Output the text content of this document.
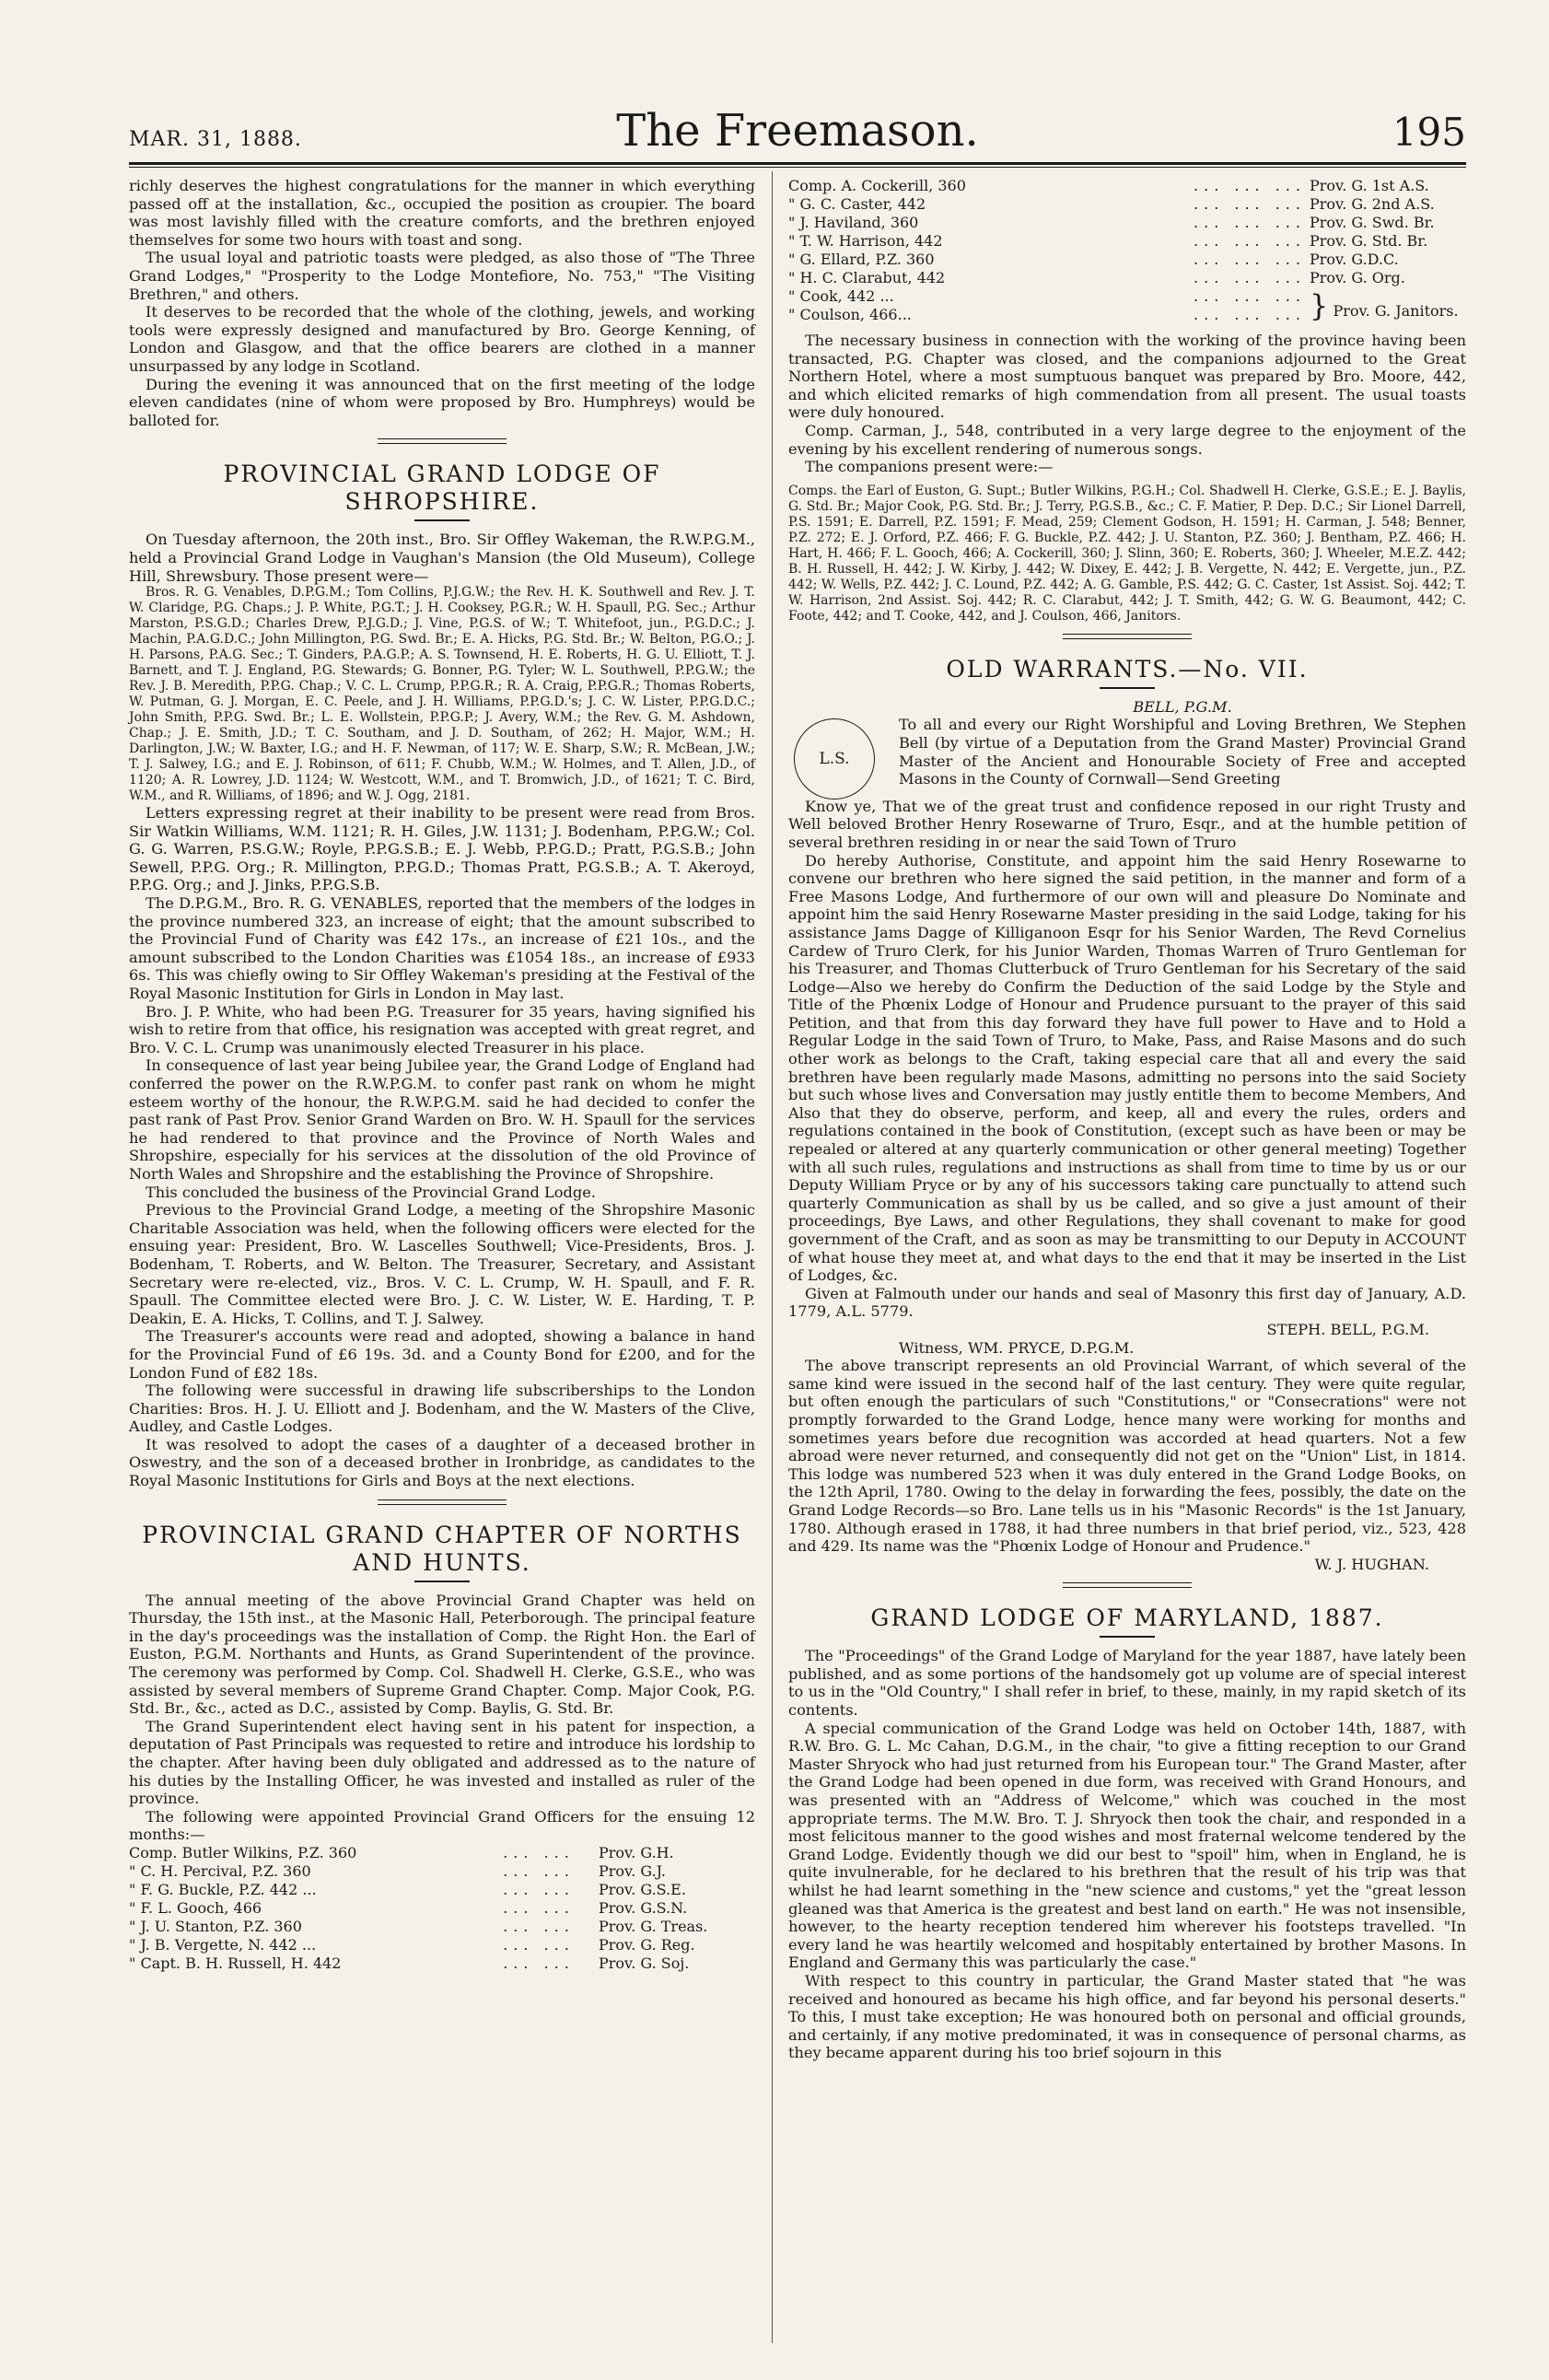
MAR. 31, 1888.	The Freemason.	195

richly deserves the highest congratulations for the manner in which everything passed off at the installation, &c., occupied the position as croupier. The board was most lavishly filled with the creature comforts, and the brethren enjoyed themselves for some two hours with toast and song.

The usual loyal and patriotic toasts were pledged, as also those of "The Three Grand Lodges," "Prosperity to the Lodge Montefiore, No. 753," "The Visiting Brethren," and others.

It deserves to be recorded that the whole of the clothing, jewels, and working tools were expressly designed and manufactured by Bro. George Kenning, of London and Glasgow, and that the office bearers are clothed in a manner unsurpassed by any lodge in Scotland.

During the evening it was announced that on the first meeting of the lodge eleven candidates (nine of whom were proposed by Bro. Humphreys) would be balloted for.

PROVINCIAL GRAND LODGE OF SHROPSHIRE.

On Tuesday afternoon, the 20th inst., Bro. Sir Offley Wakeman, the R.W.P.G.M., held a Provincial Grand Lodge in Vaughan's Mansion (the Old Museum), College Hill, Shrewsbury. Those present were—

Bros. R. G. Venables, D.P.G.M.; Tom Collins, P.J.G.W.; the Rev. H. K. Southwell and Rev. J. T. W. Claridge, P.G. Chaps.; J. P. White, P.G.T.; J. H. Cooksey, P.G.R.; W. H. Spaull, P.G. Sec.; Arthur Marston, P.S.G.D.; Charles Drew, P.J.G.D.; J. Vine, P.G.S. of W.; T. Whitefoot, jun., P.G.D.C.; J. Machin, P.A.G.D.C.; John Millington, P.G. Swd. Br.; E. A. Hicks, P.G. Std. Br.; W. Belton, P.G.O.; J. H. Parsons, P.A.G. Sec.; T. Ginders, P.A.G.P.; A. S. Townsend, H. E. Roberts, H. G. U. Elliott, T. J. Barnett, and T. J. England, P.G. Stewards; G. Bonner, P.G. Tyler; W. L. Southwell, P.P.G.W.; the Rev. J. B. Meredith, P.P.G. Chap.; V. C. L. Crump, P.P.G.R.; R. A. Craig, P.P.G.R.; Thomas Roberts, W. Putman, G. J. Morgan, E. C. Peele, and J. H. Williams, P.P.G.D.'s; J. C. W. Lister, P.P.G.D.C.; John Smith, P.P.G. Swd. Br.; L. E. Wollstein, P.P.G.P.; J. Avery, W.M.; the Rev. G. M. Ashdown, Chap.; J. E. Smith, J.D.; T. C. Southam, and J. D. Southam, of 262; H. Major, W.M.; H. Darlington, J.W.; W. Baxter, I.G.; and H. F. Newman, of 117; W. E. Sharp, S.W.; R. McBean, J.W.; T. J. Salwey, I.G.; and E. J. Robinson, of 611; F. Chubb, W.M.; W. Holmes, and T. Allen, J.D., of 1120; A. R. Lowrey, J.D. 1124; W. Westcott, W.M., and T. Bromwich, J.D., of 1621; T. C. Bird, W.M., and R. Williams, of 1896; and W. J. Ogg, 2181.

Letters expressing regret at their inability to be present were read from Bros. Sir Watkin Williams, W.M. 1121; R. H. Giles, J.W. 1131; J. Bodenham, P.P.G.W.; Col. G. G. Warren, P.S.G.W.; Royle, P.P.G.S.B.; E. J. Webb, P.P.G.D.; Pratt, P.G.S.B.; John Sewell, P.P.G. Org.; R. Millington, P.P.G.D.; Thomas Pratt, P.G.S.B.; A. T. Akeroyd, P.P.G. Org.; and J. Jinks, P.P.G.S.B.

The D.P.G.M., Bro. R. G. VENABLES, reported that the members of the lodges in the province numbered 323, an increase of eight; that the amount subscribed to the Provincial Fund of Charity was £42 17s., an increase of £21 10s., and the amount subscribed to the London Charities was £1054 18s., an increase of £933 6s. This was chiefly owing to Sir Offley Wakeman's presiding at the Festival of the Royal Masonic Institution for Girls in London in May last.

Bro. J. P. White, who had been P.G. Treasurer for 35 years, having signified his wish to retire from that office, his resignation was accepted with great regret, and Bro. V. C. L. Crump was unanimously elected Treasurer in his place.

In consequence of last year being Jubilee year, the Grand Lodge of England had conferred the power on the R.W.P.G.M. to confer past rank on whom he might esteem worthy of the honour, the R.W.P.G.M. said he had decided to confer the past rank of Past Prov. Senior Grand Warden on Bro. W. H. Spaull for the services he had rendered to that province and the Province of North Wales and Shropshire, especially for his services at the dissolution of the old Province of North Wales and Shropshire and the establishing the Province of Shropshire.

This concluded the business of the Provincial Grand Lodge.

Previous to the Provincial Grand Lodge, a meeting of the Shropshire Masonic Charitable Association was held, when the following officers were elected for the ensuing year: President, Bro. W. Lascelles Southwell; Vice-Presidents, Bros. J. Bodenham, T. Roberts, and W. Belton. The Treasurer, Secretary, and Assistant Secretary were re-elected, viz., Bros. V. C. L. Crump, W. H. Spaull, and F. R. Spaull. The Committee elected were Bro. J. C. W. Lister, W. E. Harding, T. P. Deakin, E. A. Hicks, T. Collins, and T. J. Salwey.

The Treasurer's accounts were read and adopted, showing a balance in hand for the Provincial Fund of £6 19s. 3d. and a County Bond for £200, and for the London Fund of £82 18s.

The following were successful in drawing life subscriberships to the London Charities: Bros. H. J. U. Elliott and J. Bodenham, and the W. Masters of the Clive, Audley, and Castle Lodges.

It was resolved to adopt the cases of a daughter of a deceased brother in Oswestry, and the son of a deceased brother in Ironbridge, as candidates to the Royal Masonic Institutions for Girls and Boys at the next elections.

PROVINCIAL GRAND CHAPTER OF NORTHS AND HUNTS.

The annual meeting of the above Provincial Grand Chapter was held on Thursday, the 15th inst., at the Masonic Hall, Peterborough. The principal feature in the day's proceedings was the installation of Comp. the Right Hon. the Earl of Euston, P.G.M. Northants and Hunts, as Grand Superintendent of the province. The ceremony was performed by Comp. Col. Shadwell H. Clerke, G.S.E., who was assisted by several members of Supreme Grand Chapter. Comp. Major Cook, P.G. Std. Br., &c., acted as D.C., assisted by Comp. Baylis, G. Std. Br.

The Grand Superintendent elect having sent in his patent for inspection, a deputation of Past Principals was requested to retire and introduce his lordship to the chapter. After having been duly obligated and addressed as to the nature of his duties by the Installing Officer, he was invested and installed as ruler of the province.

The following were appointed Provincial Grand Officers for the ensuing 12 months:—

Comp. Butler Wilkins, P.Z. 360	... ...	Prov. G.H.
" C. H. Percival, P.Z. 360	... ...	Prov. G.J.
" F. G. Buckle, P.Z. 442 ...	... ...	Prov. G.S.E.
" F. L. Gooch, 466	... ...	Prov. G.S.N.
" J. U. Stanton, P.Z. 360	... ...	Prov. G. Treas.
" J. B. Vergette, N. 442 ...	... ...	Prov. G. Reg.
" Capt. B. H. Russell, H. 442	... ...	Prov. G. Soj.
Comp. A. Cockerill, 360	... ... ...	Prov. G. 1st A.S.
" G. C. Caster, 442	... ... ...	Prov. G. 2nd A.S.
" J. Haviland, 360	... ... ...	Prov. G. Swd. Br.
" T. W. Harrison, 442	... ... ...	Prov. G. Std. Br.
" G. Ellard, P.Z. 360	... ... ...	Prov. G.D.C.
" H. C. Clarabut, 442	... ... ...	Prov. G. Org.
" Cook, 442 ...	... ... ...	} Prov. G. Janitors.
" Coulson, 466...	... ... ...	

The necessary business in connection with the working of the province having been transacted, P.G. Chapter was closed, and the companions adjourned to the Great Northern Hotel, where a most sumptuous banquet was prepared by Bro. Moore, 442, and which elicited remarks of high commendation from all present. The usual toasts were duly honoured.

Comp. Carman, J., 548, contributed in a very large degree to the enjoyment of the evening by his excellent rendering of numerous songs.

The companions present were:—

Comps. the Earl of Euston, G. Supt.; Butler Wilkins, P.G.H.; Col. Shadwell H. Clerke, G.S.E.; E. J. Baylis, G. Std. Br.; Major Cook, P.G. Std. Br.; J. Terry, P.G.S.B., &c.; C. F. Matier, P. Dep. D.C.; Sir Lionel Darrell, P.S. 1591; E. Darrell, P.Z. 1591; F. Mead, 259; Clement Godson, H. 1591; H. Carman, J. 548; Benner, P.Z. 272; E. J. Orford, P.Z. 466; F. G. Buckle, P.Z. 442; J. U. Stanton, P.Z. 360; J. Bentham, P.Z. 466; H. Hart, H. 466; F. L. Gooch, 466; A. Cockerill, 360; J. Slinn, 360; E. Roberts, 360; J. Wheeler, M.E.Z. 442; B. H. Russell, H. 442; J. W. Kirby, J. 442; W. Dixey, E. 442; J. B. Vergette, N. 442; E. Vergette, jun., P.Z. 442; W. Wells, P.Z. 442; J. C. Lound, P.Z. 442; A. G. Gamble, P.S. 442; G. C. Caster, 1st Assist. Soj. 442; T. W. Harrison, 2nd Assist. Soj. 442; R. C. Clarabut, 442; J. T. Smith, 442; G. W. G. Beaumont, 442; C. Foote, 442; and T. Cooke, 442, and J. Coulson, 466, Janitors.

OLD WARRANTS.—No. VII.
L.S.
BELL, P.G.M.

To all and every our Right Worshipful and Loving Brethren, We Stephen Bell (by virtue of a Deputation from the Grand Master) Provincial Grand Master of the Ancient and Honourable Society of Free and accepted Masons in the County of Cornwall—Send Greeting

Know ye, That we of the great trust and confidence reposed in our right Trusty and Well beloved Brother Henry Rosewarne of Truro, Esqr., and at the humble petition of several brethren residing in or near the said Town of Truro

Do hereby Authorise, Constitute, and appoint him the said Henry Rosewarne to convene our brethren who here signed the said petition, in the manner and form of a Free Masons Lodge, And furthermore of our own will and pleasure Do Nominate and appoint him the said Henry Rosewarne Master presiding in the said Lodge, taking for his assistance Jams Dagge of Killiganoon Esqr for his Senior Warden, The Revd Cornelius Cardew of Truro Clerk, for his Junior Warden, Thomas Warren of Truro Gentleman for his Treasurer, and Thomas Clutterbuck of Truro Gentleman for his Secretary of the said Lodge—Also we hereby do Confirm the Deduction of the said Lodge by the Style and Title of the Phœnix Lodge of Honour and Prudence pursuant to the prayer of this said Petition, and that from this day forward they have full power to Have and to Hold a Regular Lodge in the said Town of Truro, to Make, Pass, and Raise Masons and do such other work as belongs to the Craft, taking especial care that all and every the said brethren have been regularly made Masons, admitting no persons into the said Society but such whose lives and Conversation may justly entitle them to become Members, And Also that they do observe, perform, and keep, all and every the rules, orders and regulations contained in the book of Constitution, (except such as have been or may be repealed or altered at any quarterly communication or other general meeting) Together with all such rules, regulations and instructions as shall from time to time by us or our Deputy William Pryce or by any of his successors taking care punctually to attend such quarterly Communication as shall by us be called, and so give a just amount of their proceedings, Bye Laws, and other Regulations, they shall covenant to make for good government of the Craft, and as soon as may be transmitting to our Deputy in ACCOUNT of what house they meet at, and what days to the end that it may be inserted in the List of Lodges, &c.

Given at Falmouth under our hands and seal of Masonry this first day of January, A.D. 1779, A.L. 5779.

STEPH. BELL, P.G.M.

Witness, WM. PRYCE, D.P.G.M.

The above transcript represents an old Provincial Warrant, of which several of the same kind were issued in the second half of the last century. They were quite regular, but often enough the particulars of such "Constitutions," or "Consecrations" were not promptly forwarded to the Grand Lodge, hence many were working for months and sometimes years before due recognition was accorded at head quarters. Not a few abroad were never returned, and consequently did not get on the "Union" List, in 1814. This lodge was numbered 523 when it was duly entered in the Grand Lodge Books, on the 12th April, 1780. Owing to the delay in forwarding the fees, possibly, the date on the Grand Lodge Records—so Bro. Lane tells us in his "Masonic Records" is the 1st January, 1780. Although erased in 1788, it had three numbers in that brief period, viz., 523, 428 and 429. Its name was the "Phœnix Lodge of Honour and Prudence."

W. J. HUGHAN.

GRAND LODGE OF MARYLAND, 1887.

The "Proceedings" of the Grand Lodge of Maryland for the year 1887, have lately been published, and as some portions of the handsomely got up volume are of special interest to us in the "Old Country," I shall refer in brief, to these, mainly, in my rapid sketch of its contents.

A special communication of the Grand Lodge was held on October 14th, 1887, with R.W. Bro. G. L. Mc Cahan, D.G.M., in the chair, "to give a fitting reception to our Grand Master Shryock who had just returned from his European tour." The Grand Master, after the Grand Lodge had been opened in due form, was received with Grand Honours, and was presented with an "Address of Welcome," which was couched in the most appropriate terms. The M.W. Bro. T. J. Shryock then took the chair, and responded in a most felicitous manner to the good wishes and most fraternal welcome tendered by the Grand Lodge. Evidently though we did our best to "spoil" him, when in England, he is quite invulnerable, for he declared to his brethren that the result of his trip was that whilst he had learnt something in the "new science and customs," yet the "great lesson gleaned was that America is the greatest and best land on earth." He was not insensible, however, to the hearty reception tendered him wherever his footsteps travelled. "In every land he was heartily welcomed and hospitably entertained by brother Masons. In England and Germany this was particularly the case."

With respect to this country in particular, the Grand Master stated that "he was received and honoured as became his high office, and far beyond his personal deserts." To this, I must take exception; He was honoured both on personal and official grounds, and certainly, if any motive predominated, it was in consequence of personal charms, as they became apparent during his too brief sojourn in this
